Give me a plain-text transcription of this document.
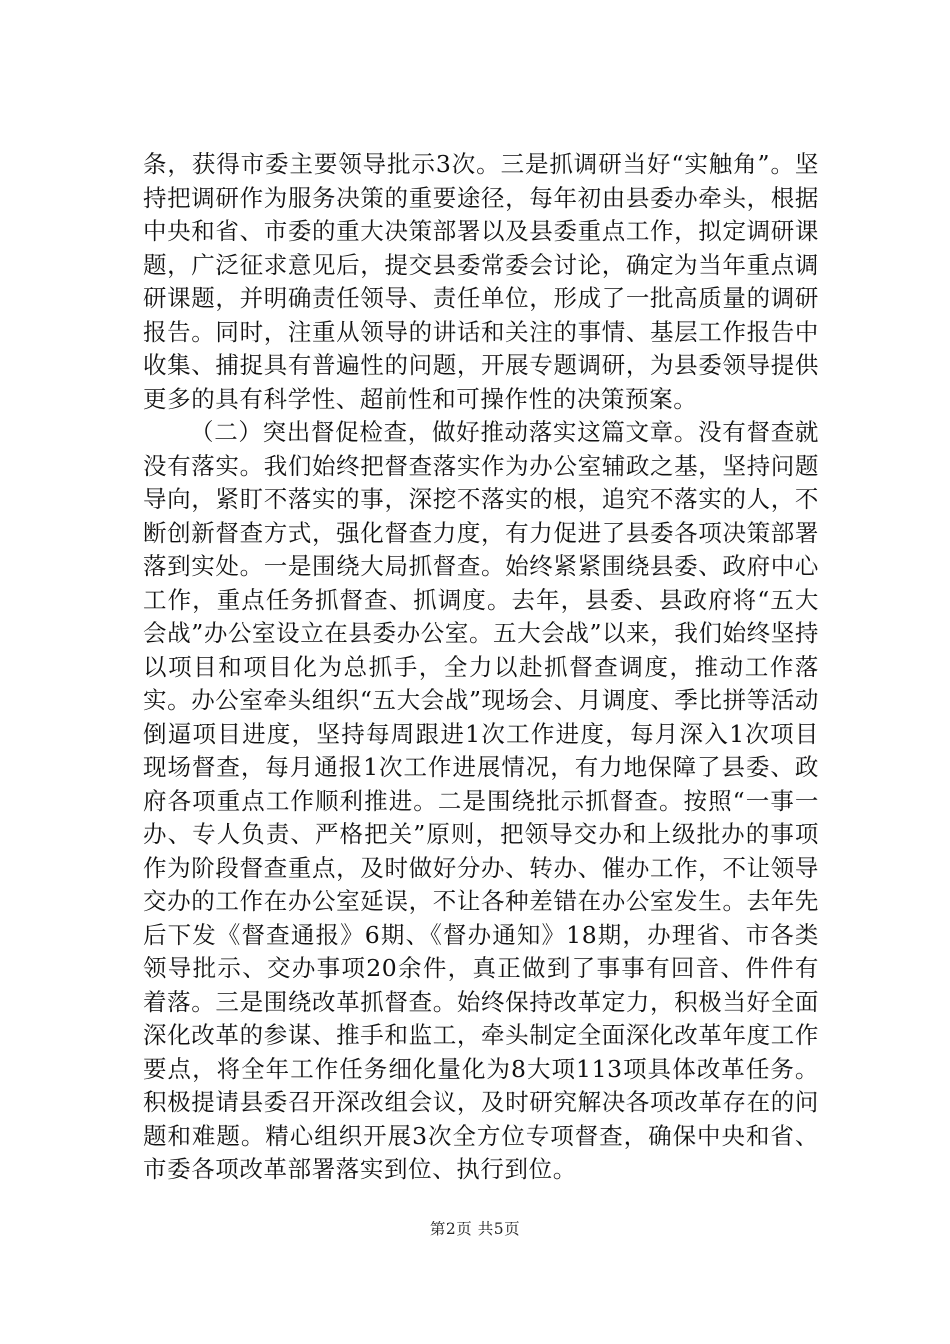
条，获得市委主要领导批示3次。三是抓调研当好“实触角”。坚持把调研作为服务决策的重要途径，每年初由县委办牵头，根据中央和省、市委的重大决策部署以及县委重点工作，拟定调研课题，广泛征求意见后，提交县委常委会讨论，确定为当年重点调研课题，并明确责任领导、责任单位，形成了一批高质量的调研报告。同时，注重从领导的讲话和关注的事情、基层工作报告中收集、捕捉具有普遍性的问题，开展专题调研，为县委领导提供更多的具有科学性、超前性和可操作性的决策预案。

（二）突出督促检查，做好推动落实这篇文章。没有督查就没有落实。我们始终把督查落实作为办公室辅政之基，坚持问题导向，紧盯不落实的事，深挖不落实的根，追究不落实的人，不断创新督查方式，强化督查力度，有力促进了县委各项决策部署落到实处。一是围绕大局抓督查。始终紧紧围绕县委、政府中心工作，重点任务抓督查、抓调度。去年，县委、县政府将“五大会战”办公室设立在县委办公室。五大会战”以来，我们始终坚持以项目和项目化为总抓手，全力以赴抓督查调度，推动工作落实。办公室牵头组织“五大会战”现场会、月调度、季比拼等活动倒逼项目进度，坚持每周跟进1次工作进度，每月深入1次项目现场督查，每月通报1次工作进展情况，有力地保障了县委、政府各项重点工作顺利推进。二是围绕批示抓督查。按照“一事一办、专人负责、严格把关”原则，把领导交办和上级批办的事项作为阶段督查重点，及时做好分办、转办、催办工作，不让领导交办的工作在办公室延误，不让各种差错在办公室发生。去年先后下发《督查通报》6期、《督办通知》18期，办理省、市各类领导批示、交办事项20余件，真正做到了事事有回音、件件有着落。三是围绕改革抓督查。始终保持改革定力，积极当好全面深化改革的参谋、推手和监工，牵头制定全面深化改革年度工作要点，将全年工作任务细化量化为8大项113项具体改革任务。积极提请县委召开深改组会议，及时研究解决各项改革存在的问题和难题。精心组织开展3次全方位专项督查，确保中央和省、市委各项改革部署落实到位、执行到位。

第2页 共5页
